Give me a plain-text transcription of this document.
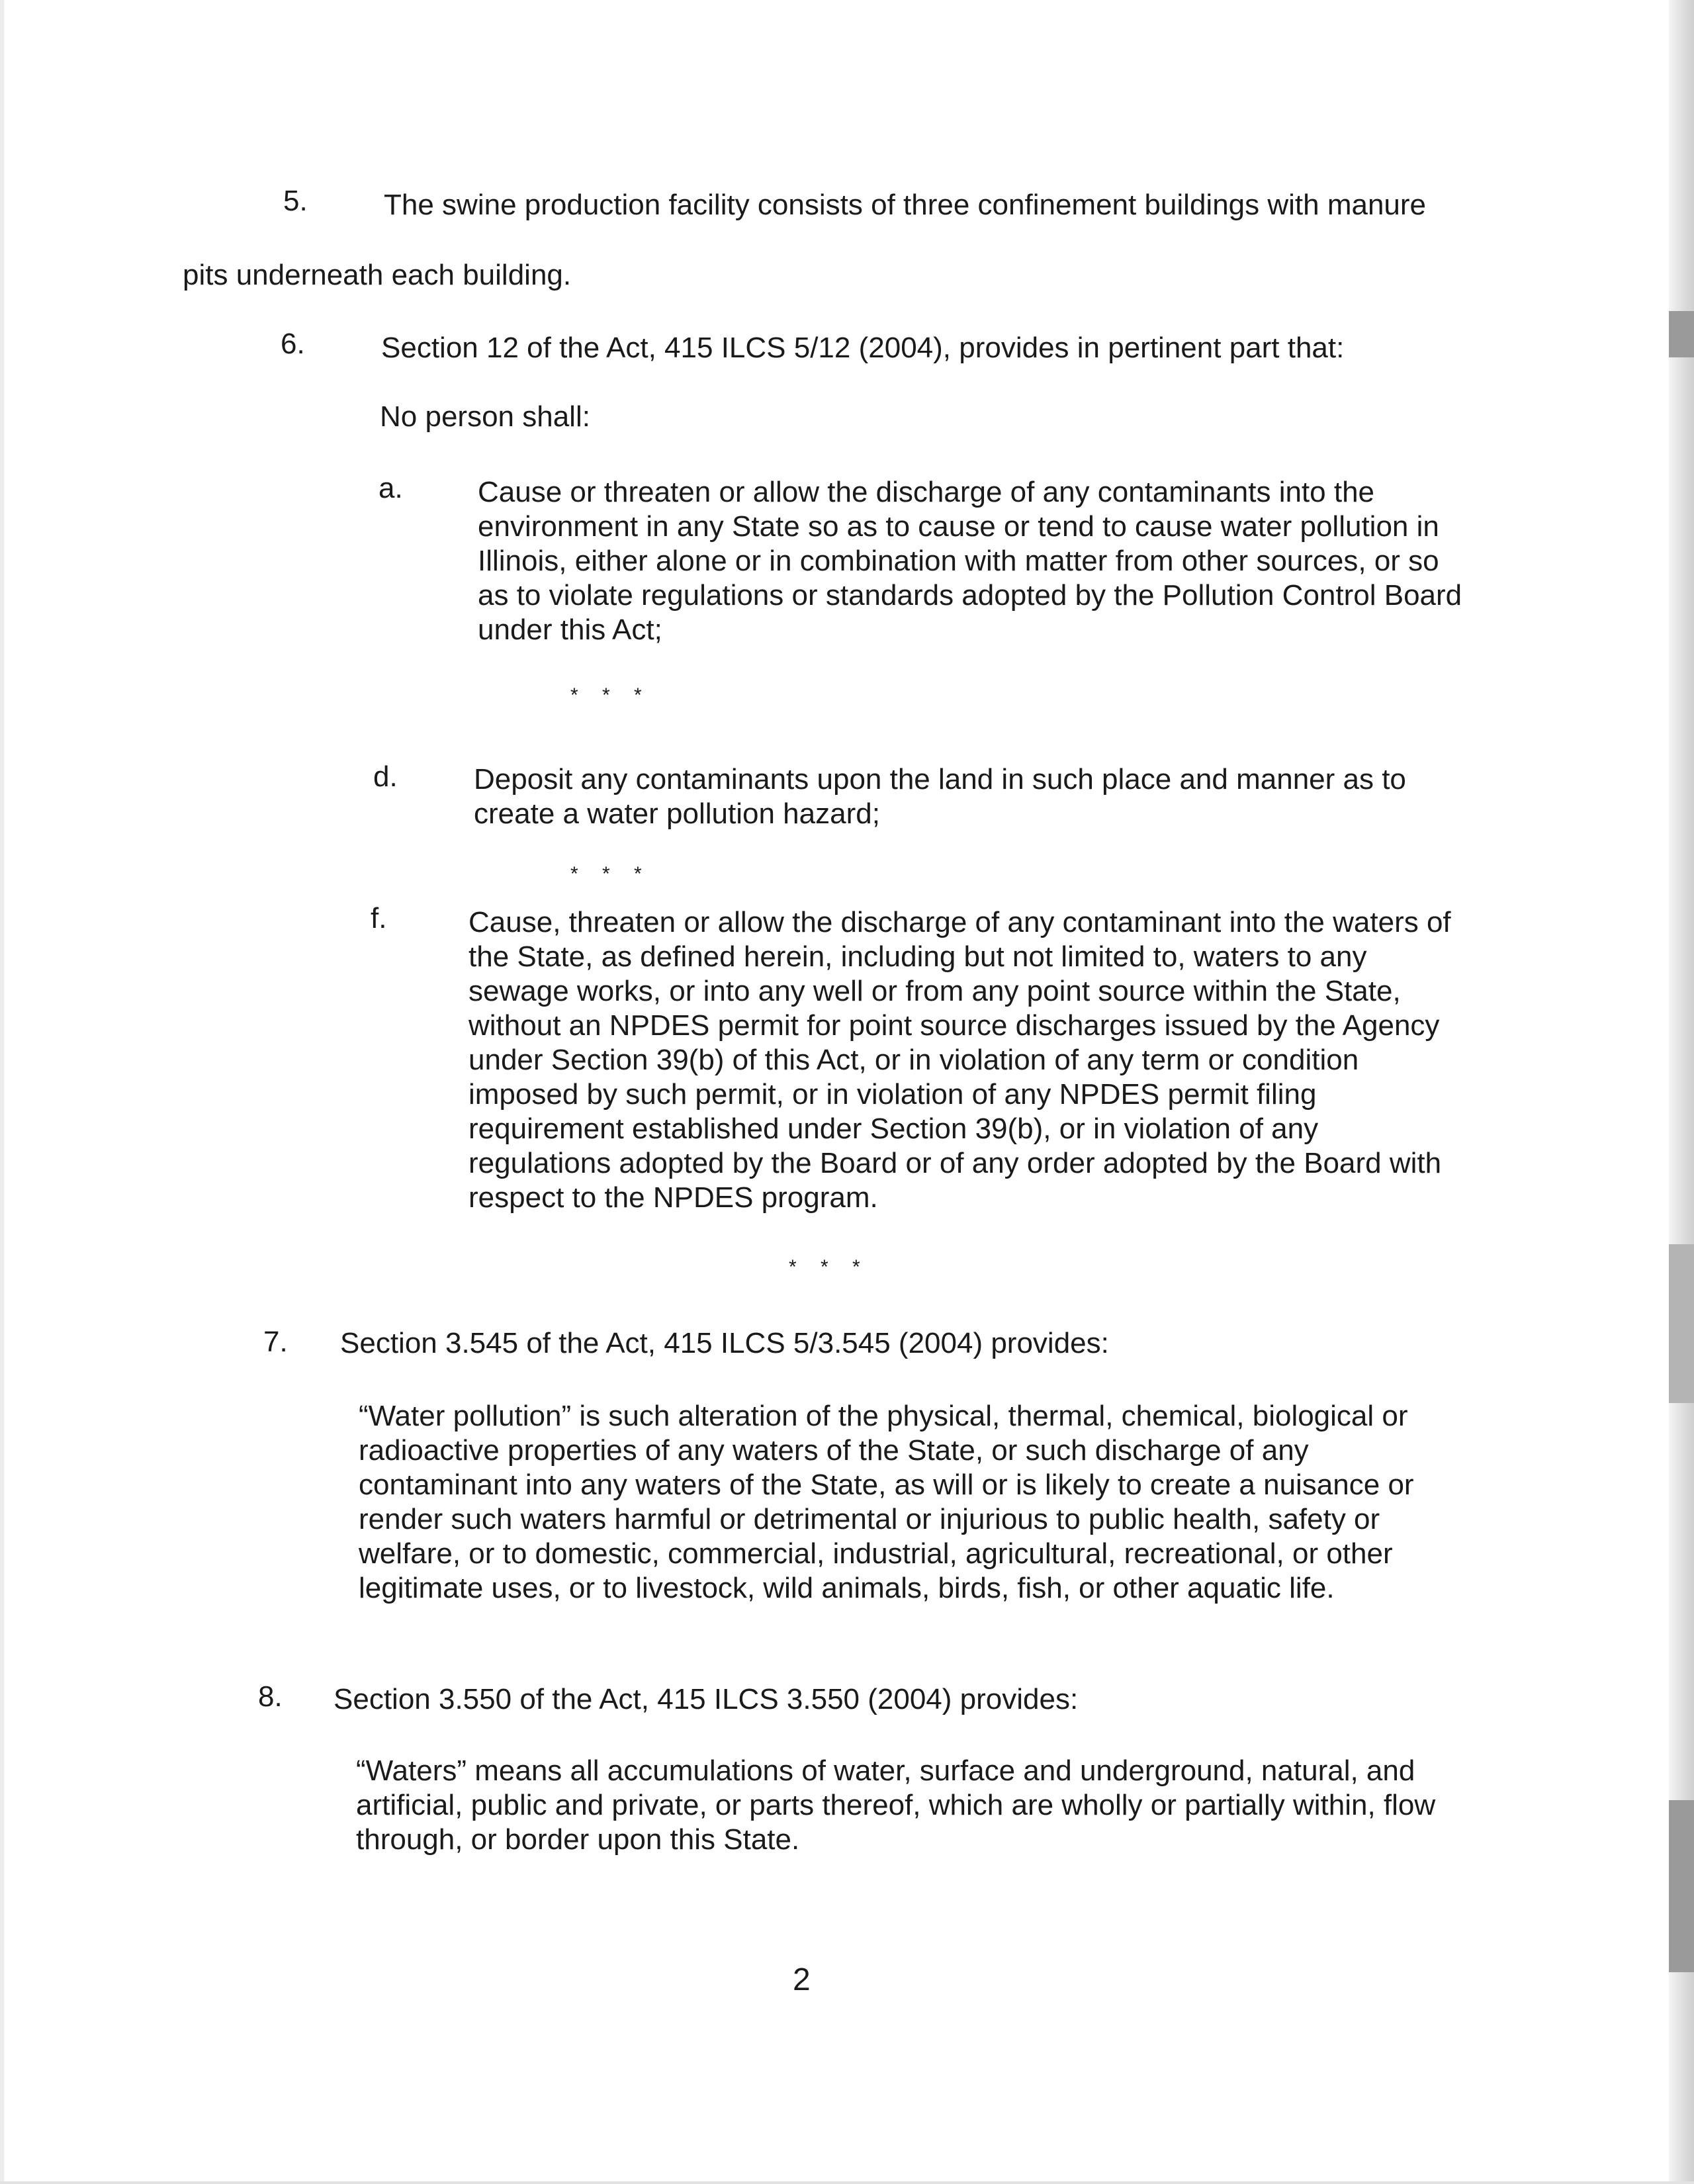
5.	The swine production facility consists of three confinement buildings with manure
pits underneath each building.
6.	Section 12 of the Act, 415 ILCS 5/12 (2004), provides in pertinent part that:
No person shall:
a.	Cause or threaten or allow the discharge of any contaminants into the environment in any State so as to cause or tend to cause water pollution in Illinois, either alone or in combination with matter from other sources, or so as to violate regulations or standards adopted by the Pollution Control Board under this Act;
* * *
d.	Deposit any contaminants upon the land in such place and manner as to create a water pollution hazard;
* * *
f.	Cause, threaten or allow the discharge of any contaminant into the waters of the State, as defined herein, including but not limited to, waters to any sewage works, or into any well or from any point source within the State, without an NPDES permit for point source discharges issued by the Agency under Section 39(b) of this Act, or in violation of any term or condition imposed by such permit, or in violation of any NPDES permit filing requirement established under Section 39(b), or in violation of any regulations adopted by the Board or of any order adopted by the Board with respect to the NPDES program.
* * *
7. Section 3.545 of the Act, 415 ILCS 5/3.545 (2004) provides:
“Water pollution” is such alteration of the physical, thermal, chemical, biological or radioactive properties of any waters of the State, or such discharge of any contaminant into any waters of the State, as will or is likely to create a nuisance or render such waters harmful or detrimental or injurious to public health, safety or welfare, or to domestic, commercial, industrial, agricultural, recreational, or other legitimate uses, or to livestock, wild animals, birds, fish, or other aquatic life.
8. Section 3.550 of the Act, 415 ILCS 3.550 (2004) provides:
“Waters” means all accumulations of water, surface and underground, natural, and artificial, public and private, or parts thereof, which are wholly or partially within, flow through, or border upon this State.
2
